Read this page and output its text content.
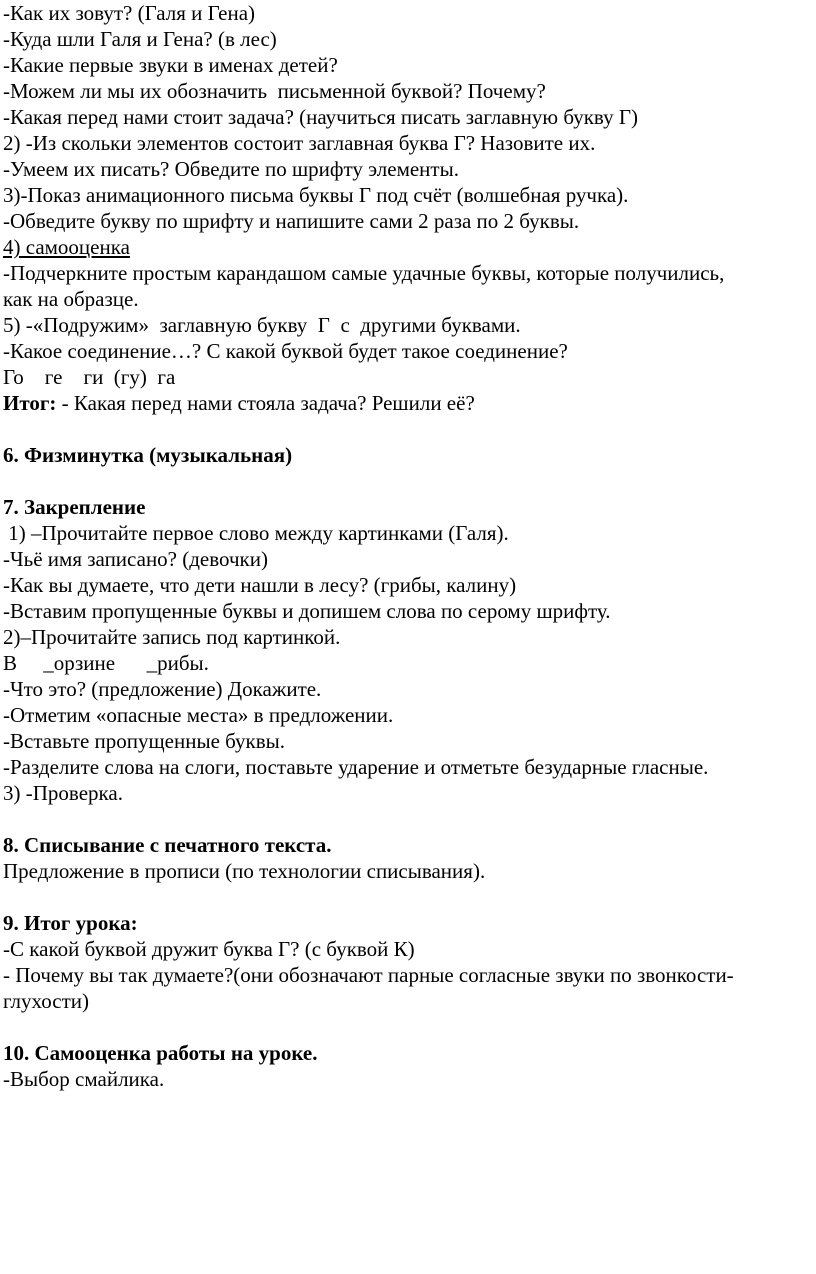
-Как их зовут? (Галя и Гена)
-Куда шли Галя и Гена? (в лес)
-Какие первые звуки в именах детей?
-Можем ли мы их обозначить  письменной буквой? Почему?
-Какая перед нами стоит задача? (научиться писать заглавную букву Г)
2) -Из скольки элементов состоит заглавная буква Г? Назовите их.
-Умеем их писать? Обведите по шрифту элементы.
3)-Показ анимационного письма буквы Г под счёт (волшебная ручка).
-Обведите букву по шрифту и напишите сами 2 раза по 2 буквы.
4) самооценка
-Подчеркните простым карандашом самые удачные буквы, которые получились,
как на образце.
5) -«Подружим»  заглавную букву  Г  с  другими буквами.
-Какое соединение…? С какой буквой будет такое соединение?
Го    ге    ги  (гу)  га
Итог: - Какая перед нами стояла задача? Решили её?
6. Физминутка (музыкальная)
7. Закрепление
1) –Прочитайте первое слово между картинками (Галя).
-Чьё имя записано? (девочки)
-Как вы думаете, что дети нашли в лесу? (грибы, калину)
-Вставим пропущенные буквы и допишем слова по серому шрифту.
2)–Прочитайте запись под картинкой.
В     _орзине      _рибы.
-Что это? (предложение) Докажите.
-Отметим «опасные места» в предложении.
-Вставьте пропущенные буквы.
-Разделите слова на слоги, поставьте ударение и отметьте безударные гласные.
3) -Проверка.
8. Списывание с печатного текста.
Предложение в прописи (по технологии списывания).
9. Итог урока:
-С какой буквой дружит буква Г? (с буквой К)
- Почему вы так думаете?(они обозначают парные согласные звуки по звонкости-
глухости)
10. Самооценка работы на уроке.
-Выбор смайлика.
